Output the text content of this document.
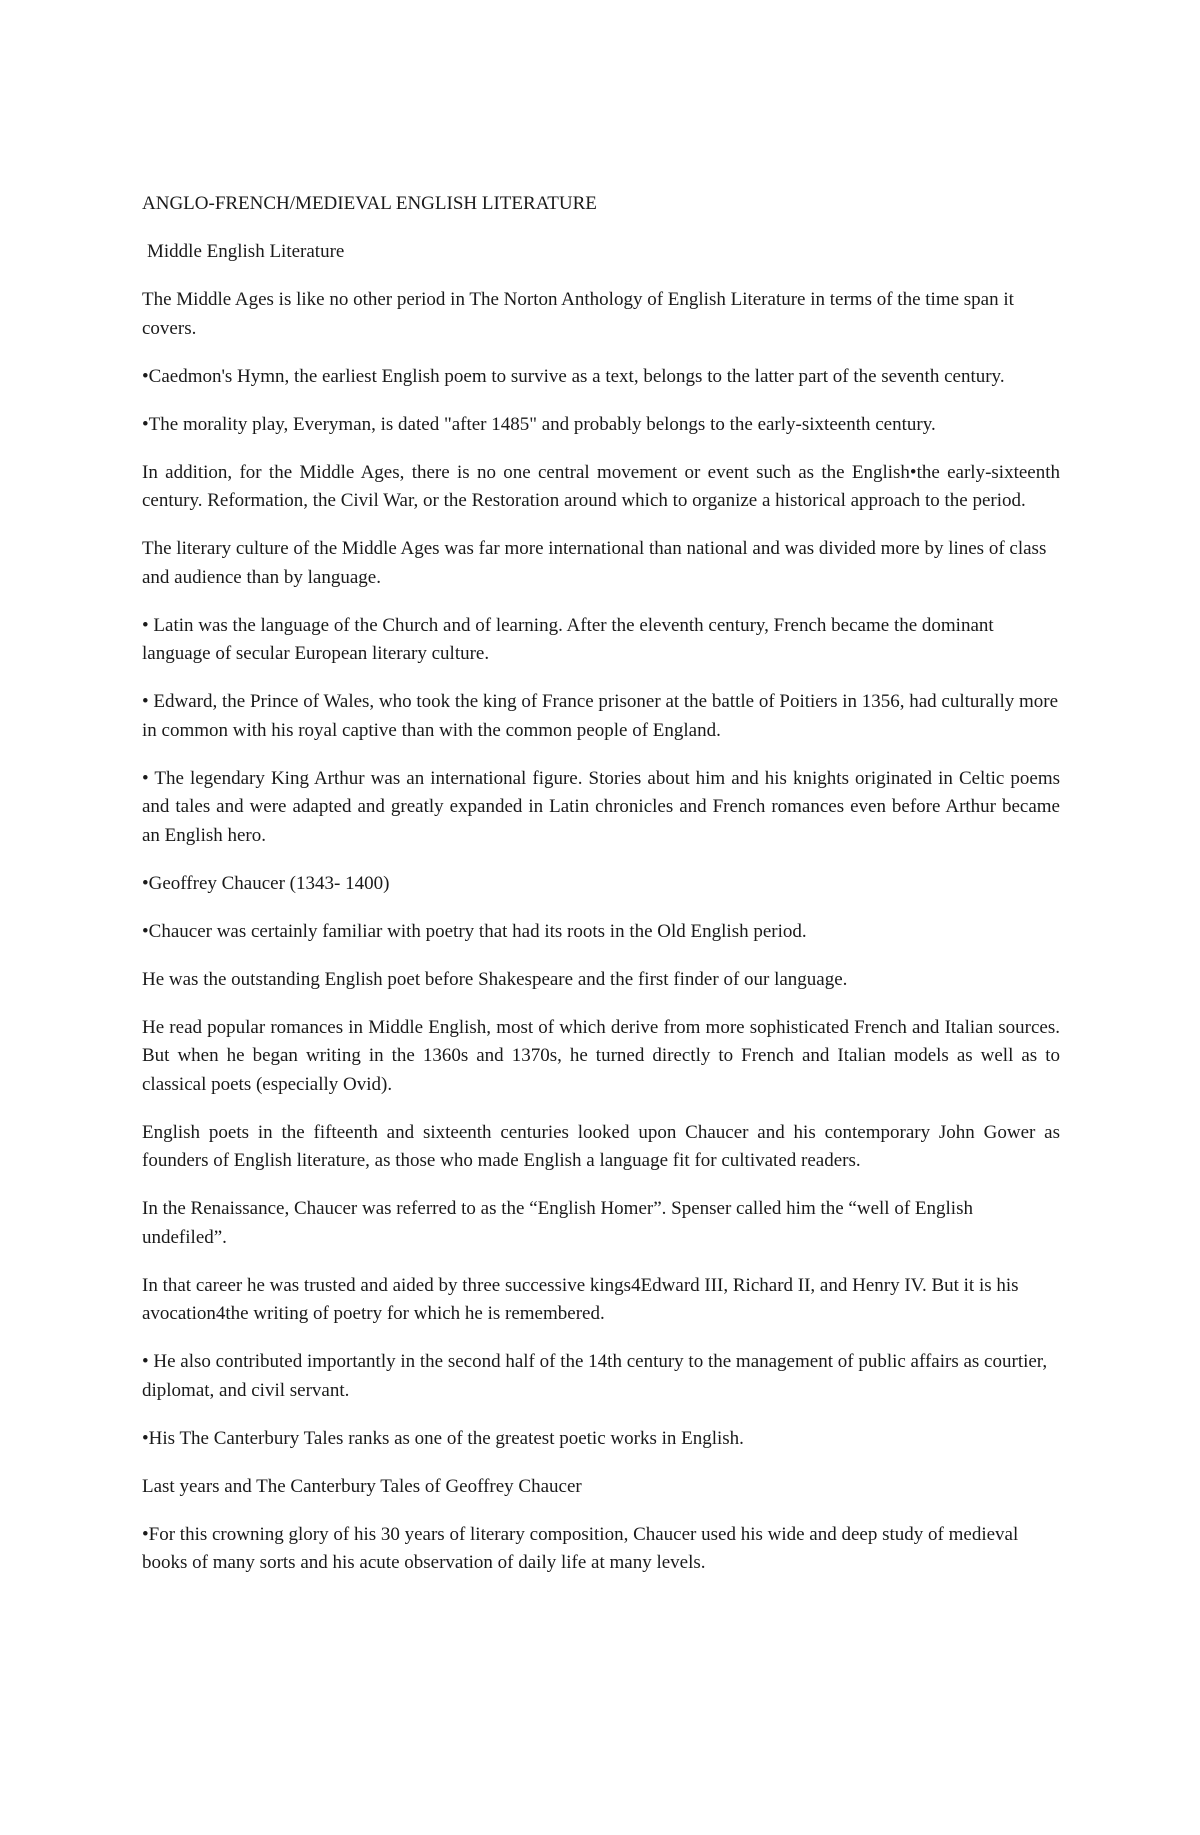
ANGLO-FRENCH/MEDIEVAL ENGLISH LITERATURE

Middle English Literature

The Middle Ages is like no other period in The Norton Anthology of English Literature in terms of the time span it covers.

•Caedmon's Hymn, the earliest English poem to survive as a text, belongs to the latter part of the seventh century.

•The morality play, Everyman, is dated "after 1485" and probably belongs to the early-sixteenth century.

In addition, for the Middle Ages, there is no one central movement or event such as the English•the early-sixteenth century. Reformation, the Civil War, or the Restoration around which to organize a historical approach to the period.

The literary culture of the Middle Ages was far more international than national and was divided more by lines of class and audience than by language.

• Latin was the language of the Church and of learning. After the eleventh century, French became the dominant language of secular European literary culture.

• Edward, the Prince of Wales, who took the king of France prisoner at the battle of Poitiers in 1356, had culturally more in common with his royal captive than with the common people of England.

• The legendary King Arthur was an international figure. Stories about him and his knights originated in Celtic poems and tales and were adapted and greatly expanded in Latin chronicles and French romances even before Arthur became an English hero.

•Geoffrey Chaucer (1343- 1400)

•Chaucer was certainly familiar with poetry that had its roots in the Old English period.

He was the outstanding English poet before Shakespeare and the first finder of our language.

He read popular romances in Middle English, most of which derive from more sophisticated French and Italian sources. But when he began writing in the 1360s and 1370s, he turned directly to French and Italian models as well as to classical poets (especially Ovid).

English poets in the fifteenth and sixteenth centuries looked upon Chaucer and his contemporary John Gower as founders of English literature, as those who made English a language fit for cultivated readers.

In the Renaissance, Chaucer was referred to as the “English Homer”. Spenser called him the “well of English undefiled”.

In that career he was trusted and aided by three successive kings4Edward III, Richard II, and Henry IV. But it is his avocation4the writing of poetry for which he is remembered.

• He also contributed importantly in the second half of the 14th century to the management of public affairs as courtier, diplomat, and civil servant.

•His The Canterbury Tales ranks as one of the greatest poetic works in English.

Last years and The Canterbury Tales of Geoffrey Chaucer

•For this crowning glory of his 30 years of literary composition, Chaucer used his wide and deep study of medieval books of many sorts and his acute observation of daily life at many levels.
